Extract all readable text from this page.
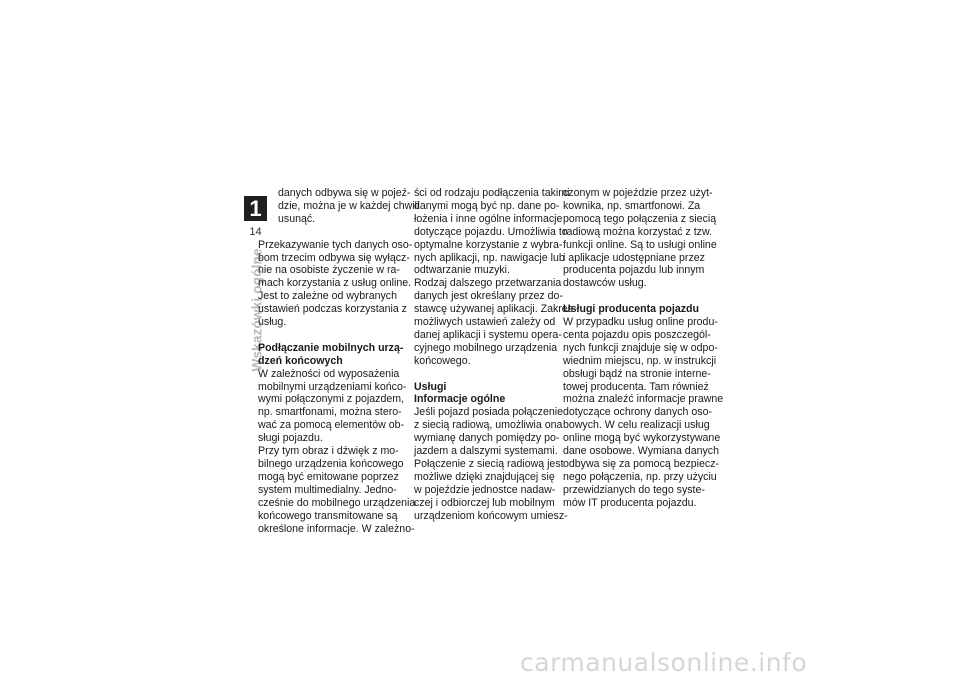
1
14
Wskazówki ogólne

danych odbywa się w pojeź-

dzie, można je w każdej chwili

usunąć.

Przekazywanie tych danych oso-

bom trzecim odbywa się wyłącz-

nie na osobiste życzenie w ra-

mach korzystania z usług online.

Jest to zależne od wybranych

ustawień podczas korzystania z

usług.

Podłączanie mobilnych urzą-
dzeń końcowych

W zależności od wyposażenia

mobilnymi urządzeniami końco-

wymi połączonymi z pojazdem,

np. smartfonami, można stero-

wać za pomocą elementów ob-

sługi pojazdu.

Przy tym obraz i dźwięk z mo-

bilnego urządzenia końcowego

mogą być emitowane poprzez

system multimedialny. Jedno-

cześnie do mobilnego urządzenia

końcowego transmitowane są

określone informacje. W zależno-

ści od rodzaju podłączenia takimi

danymi mogą być np. dane po-

łożenia i inne ogólne informacje

dotyczące pojazdu. Umożliwia to

optymalne korzystanie z wybra-

nych aplikacji, np. nawigacje lub

odtwarzanie muzyki.

Rodzaj dalszego przetwarzania

danych jest określany przez do-

stawcę używanej aplikacji. Zakres

możliwych ustawień zależy od

danej aplikacji i systemu opera-

cyjnego mobilnego urządzenia

końcowego.

Usługi
Informacje ogólne

Jeśli pojazd posiada połączenie

z siecią radiową, umożliwia ona

wymianę danych pomiędzy po-

jazdem a dalszymi systemami.

Połączenie z siecią radiową jest

możliwe dzięki znajdującej się

w pojeździe jednostce nadaw-

czej i odbiorczej lub mobilnym

urządzeniom końcowym umiesz-

czonym w pojeździe przez użyt-

kownika, np. smartfonowi. Za

pomocą tego połączenia z siecią

radiową można korzystać z tzw.

funkcji online. Są to usługi online

i aplikacje udostępniane przez

producenta pojazdu lub innym

dostawców usług.

Usługi producenta pojazdu

W przypadku usług online produ-

centa pojazdu opis poszczegól-

nych funkcji znajduje się w odpo-

wiednim miejscu, np. w instrukcji

obsługi bądź na stronie interne-

towej producenta. Tam również

można znaleźć informacje prawne

dotyczące ochrony danych oso-

bowych. W celu realizacji usług

online mogą być wykorzystywane

dane osobowe. Wymiana danych

odbywa się za pomocą bezpiecz-

nego połączenia, np. przy użyciu

przewidzianych do tego syste-

mów IT producenta pojazdu.

carmanualsonline.info
